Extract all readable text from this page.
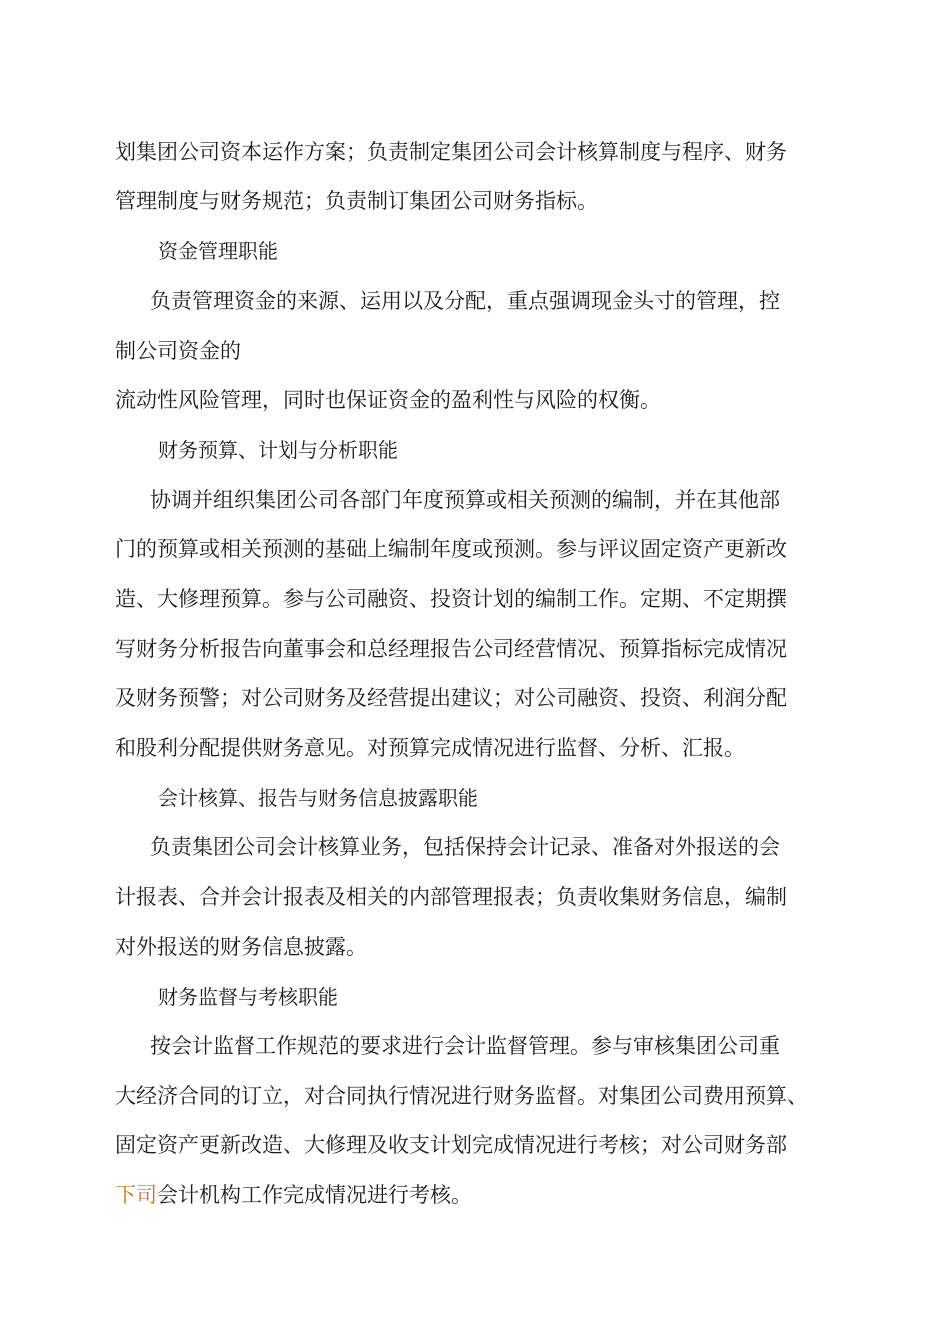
划集团公司资本运作方案；负责制定集团公司会计核算制度与程序、财务

管理制度与财务规范；负责制订集团公司财务指标。

资金管理职能

负责管理资金的来源、运用以及分配，重点强调现金头寸的管理，控

制公司资金的

流动性风险管理，同时也保证资金的盈利性与风险的权衡。

财务预算、计划与分析职能

协调并组织集团公司各部门年度预算或相关预测的编制，并在其他部

门的预算或相关预测的基础上编制年度或预测。参与评议固定资产更新改

造、大修理预算。参与公司融资、投资计划的编制工作。定期、不定期撰

写财务分析报告向董事会和总经理报告公司经营情况、预算指标完成情况

及财务预警；对公司财务及经营提出建议；对公司融资、投资、利润分配

和股利分配提供财务意见。对预算完成情况进行监督、分析、汇报。

会计核算、报告与财务信息披露职能

负责集团公司会计核算业务，包括保持会计记录、准备对外报送的会

计报表、合并会计报表及相关的内部管理报表；负责收集财务信息，编制

对外报送的财务信息披露。

财务监督与考核职能

按会计监督工作规范的要求进行会计监督管理。参与审核集团公司重

大经济合同的订立，对合同执行情况进行财务监督。对集团公司费用预算、

固定资产更新改造、大修理及收支计划完成情况进行考核；对公司财务部

下司会计机构工作完成情况进行考核。
